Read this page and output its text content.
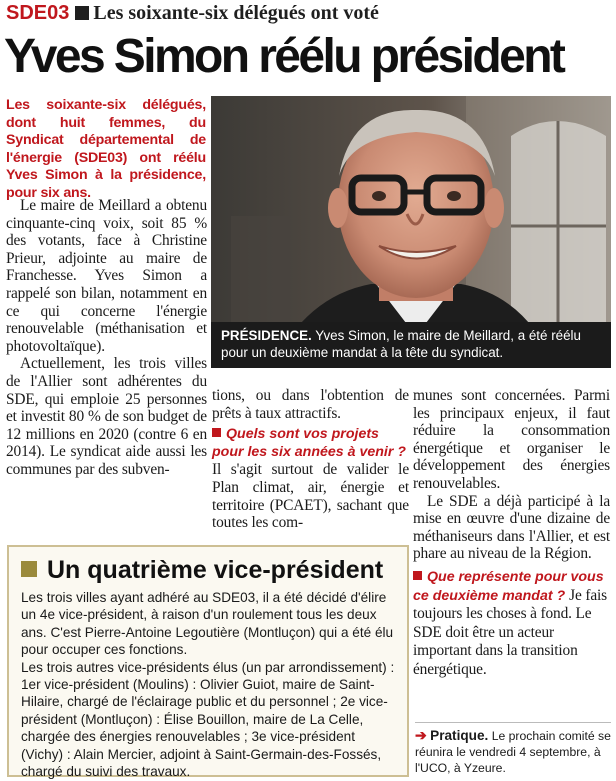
SDE03 Les soixante-six délégués ont voté
Yves Simon réélu président

Les soixante-six délégués, dont huit femmes, du Syndicat départemental de l'énergie (SDE03) ont réélu Yves Simon à la présidence, pour six ans.

Le maire de Meillard a obtenu cinquante-cinq voix, soit 85 % des votants, face à Christine Prieur, adjointe au maire de Franchesse. Yves Simon a rappelé son bilan, notamment en ce qui concerne l'énergie renouvelable (méthanisation et photovoltaïque).

Actuellement, les trois villes de l'Allier sont adhérentes du SDE, qui emploie 25 personnes et investit 80 % de son budget de 12 millions en 2020 (contre 6 en 2014). Le syndicat aide aussi les communes par des subven-

PRÉSIDENCE. Yves Simon, le maire de Meillard, a été réélu pour un deuxième mandat à la tête du syndicat.

tions, ou dans l'obtention de prêts à taux attractifs.

Quels sont vos projets pour les six années à venir ?

Il s'agit surtout de valider le Plan climat, air, énergie et territoire (PCAET), sachant que toutes les com-

munes sont concernées. Parmi les principaux enjeux, il faut réduire la consommation énergétique et organiser le développement des énergies renouvelables.

Le SDE a déjà participé à la mise en œuvre d'une dizaine de méthaniseurs dans l'Allier, et est phare au niveau de la Région.

Que représente pour vous ce deuxième mandat ? Je fais toujours les choses à fond. Le SDE doit être un acteur important dans la transition énergétique.

Un quatrième vice-président

Les trois villes ayant adhéré au SDE03, il a été décidé d'élire un 4e vice-président, à raison d'un roulement tous les deux ans. C'est Pierre-Antoine Legoutière (Montluçon) qui a été élu pour occuper ces fonctions.

Les trois autres vice-présidents élus (un par arrondissement) : 1er vice-président (Moulins) : Olivier Guiot, maire de Saint-Hilaire, chargé de l'éclairage public et du personnel ; 2e vice-président (Montluçon) : Élise Bouillon, maire de La Celle, chargée des énergies renouvelables ; 3e vice-président (Vichy) : Alain Mercier, adjoint à Saint-Germain-des-Fossés, chargé du suivi des travaux.

➔ Pratique. Le prochain comité se réunira le vendredi 4 septembre, à l'UCO, à Yzeure.
